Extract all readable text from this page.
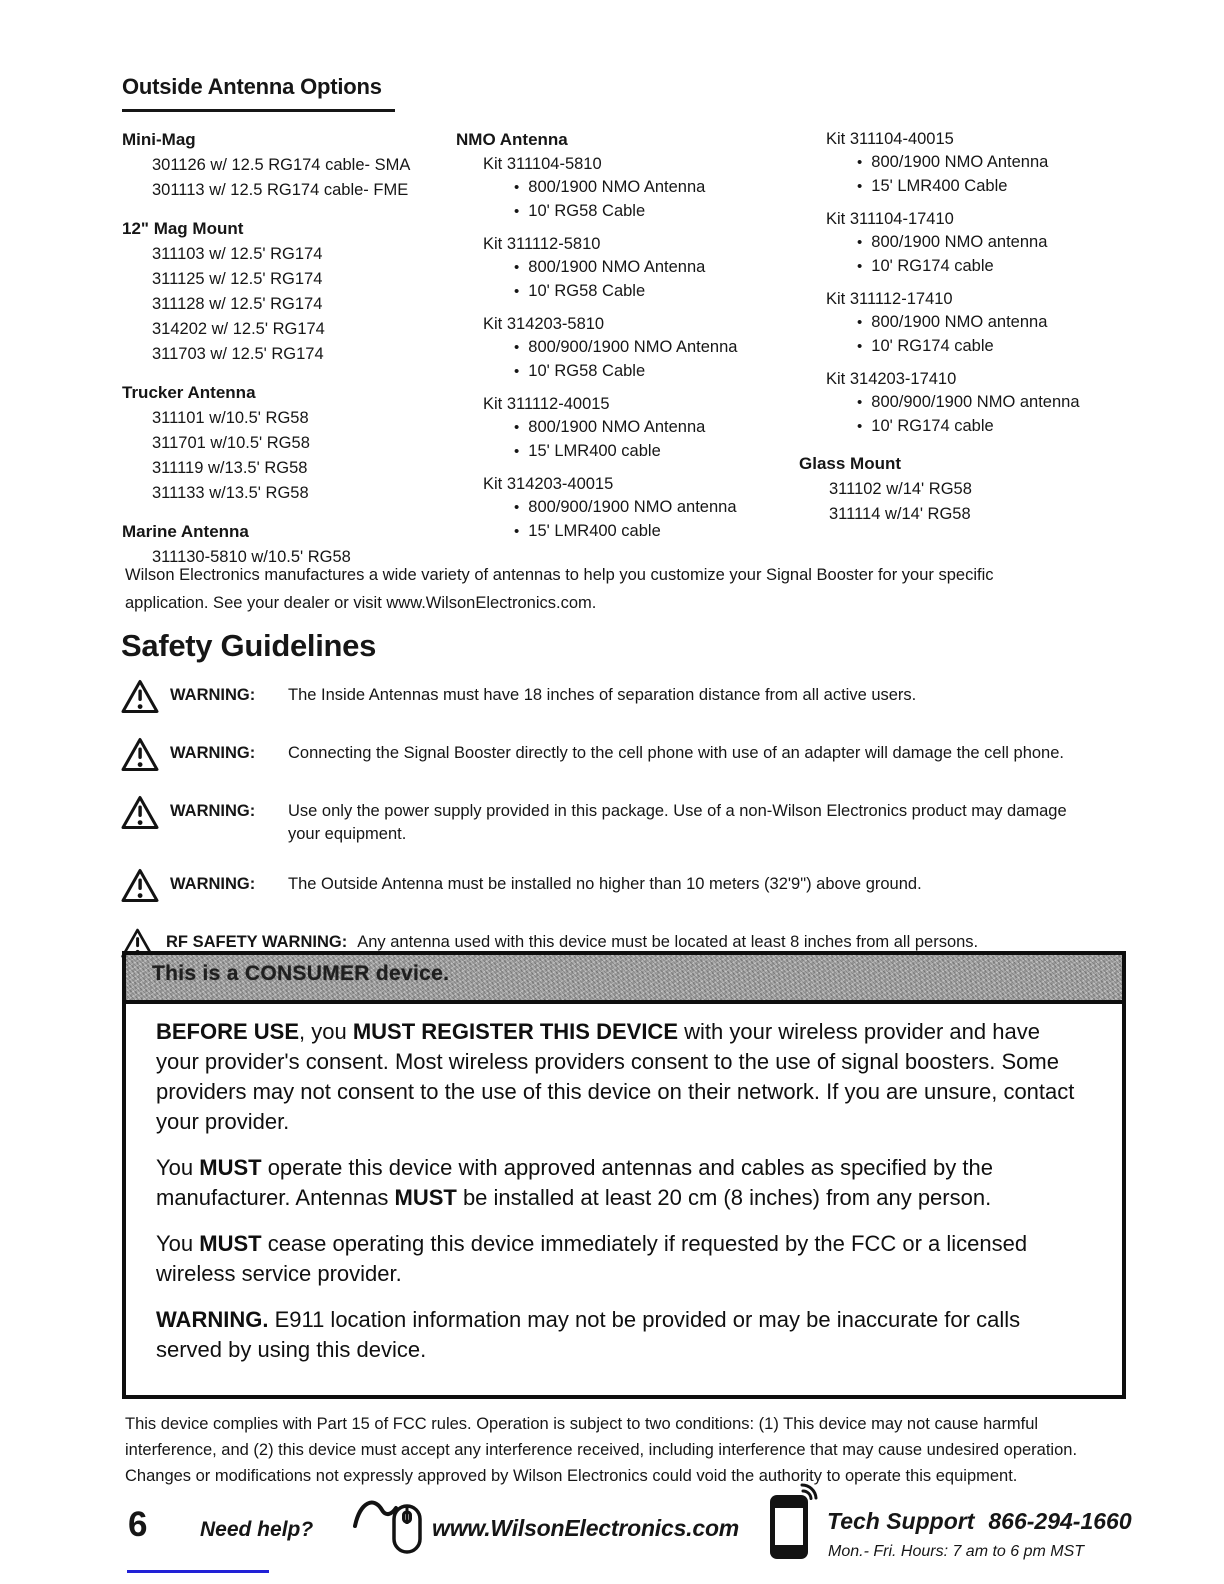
Outside Antenna Options
Mini-Mag
301126 w/ 12.5 RG174 cable- SMA
301113 w/ 12.5 RG174 cable- FME
12" Mag Mount
311103 w/ 12.5' RG174
311125 w/ 12.5' RG174
311128 w/ 12.5' RG174
314202 w/ 12.5' RG174
311703 w/ 12.5' RG174
Trucker Antenna
311101 w/10.5' RG58
311701 w/10.5' RG58
311119 w/13.5' RG58
311133 w/13.5' RG58
Marine Antenna
311130-5810 w/10.5' RG58
NMO Antenna
Kit 311104-5810
• 800/1900 NMO Antenna
• 10' RG58 Cable
Kit 311112-5810
• 800/1900 NMO Antenna
• 10' RG58 Cable
Kit 314203-5810
• 800/900/1900 NMO Antenna
• 10' RG58 Cable
Kit 311112-40015
• 800/1900 NMO Antenna
• 15' LMR400 cable
Kit 314203-40015
• 800/900/1900 NMO antenna
• 15' LMR400 cable
Kit 311104-40015
• 800/1900 NMO Antenna
• 15' LMR400 Cable
Kit 311104-17410
• 800/1900 NMO antenna
• 10' RG174 cable
Kit 311112-17410
• 800/1900 NMO antenna
• 10' RG174 cable
Kit 314203-17410
• 800/900/1900 NMO antenna
• 10' RG174 cable
Glass Mount
311102 w/14' RG58
311114 w/14' RG58
Wilson Electronics manufactures a wide variety of antennas to help you customize your Signal Booster for your specific application. See your dealer or visit www.WilsonElectronics.com.
Safety Guidelines
WARNING:	The Inside Antennas must have 18 inches of separation distance from all active users.
WARNING:	Connecting the Signal Booster directly to the cell phone with use of an adapter will damage the cell phone.
WARNING:	Use only the power supply provided in this package. Use of a non-Wilson Electronics product may damage your equipment.
WARNING:	The Outside Antenna must be installed no higher than 10 meters (32'9") above ground.
RF SAFETY WARNING: Any antenna used with this device must be located at least 8 inches from all persons.
This is a CONSUMER device.

BEFORE USE, you MUST REGISTER THIS DEVICE with your wireless provider and have your provider's consent. Most wireless providers consent to the use of signal boosters. Some providers may not consent to the use of this device on their network. If you are unsure, contact your provider.

You MUST operate this device with approved antennas and cables as specified by the manufacturer. Antennas MUST be installed at least 20 cm (8 inches) from any person.

You MUST cease operating this device immediately if requested by the FCC or a licensed wireless service provider.

WARNING. E911 location information may not be provided or may be inaccurate for calls served by using this device.

This device complies with Part 15 of FCC rules. Operation is subject to two conditions: (1) This device may not cause harmful interference, and (2) this device must accept any interference received, including interference that may cause undesired operation. Changes or modifications not expressly approved by Wilson Electronics could void the authority to operate this equipment.
6	Need help?	www.WilsonElectronics.com	Tech Support 866-294-1660
Mon.- Fri. Hours: 7 am to 6 pm MST
